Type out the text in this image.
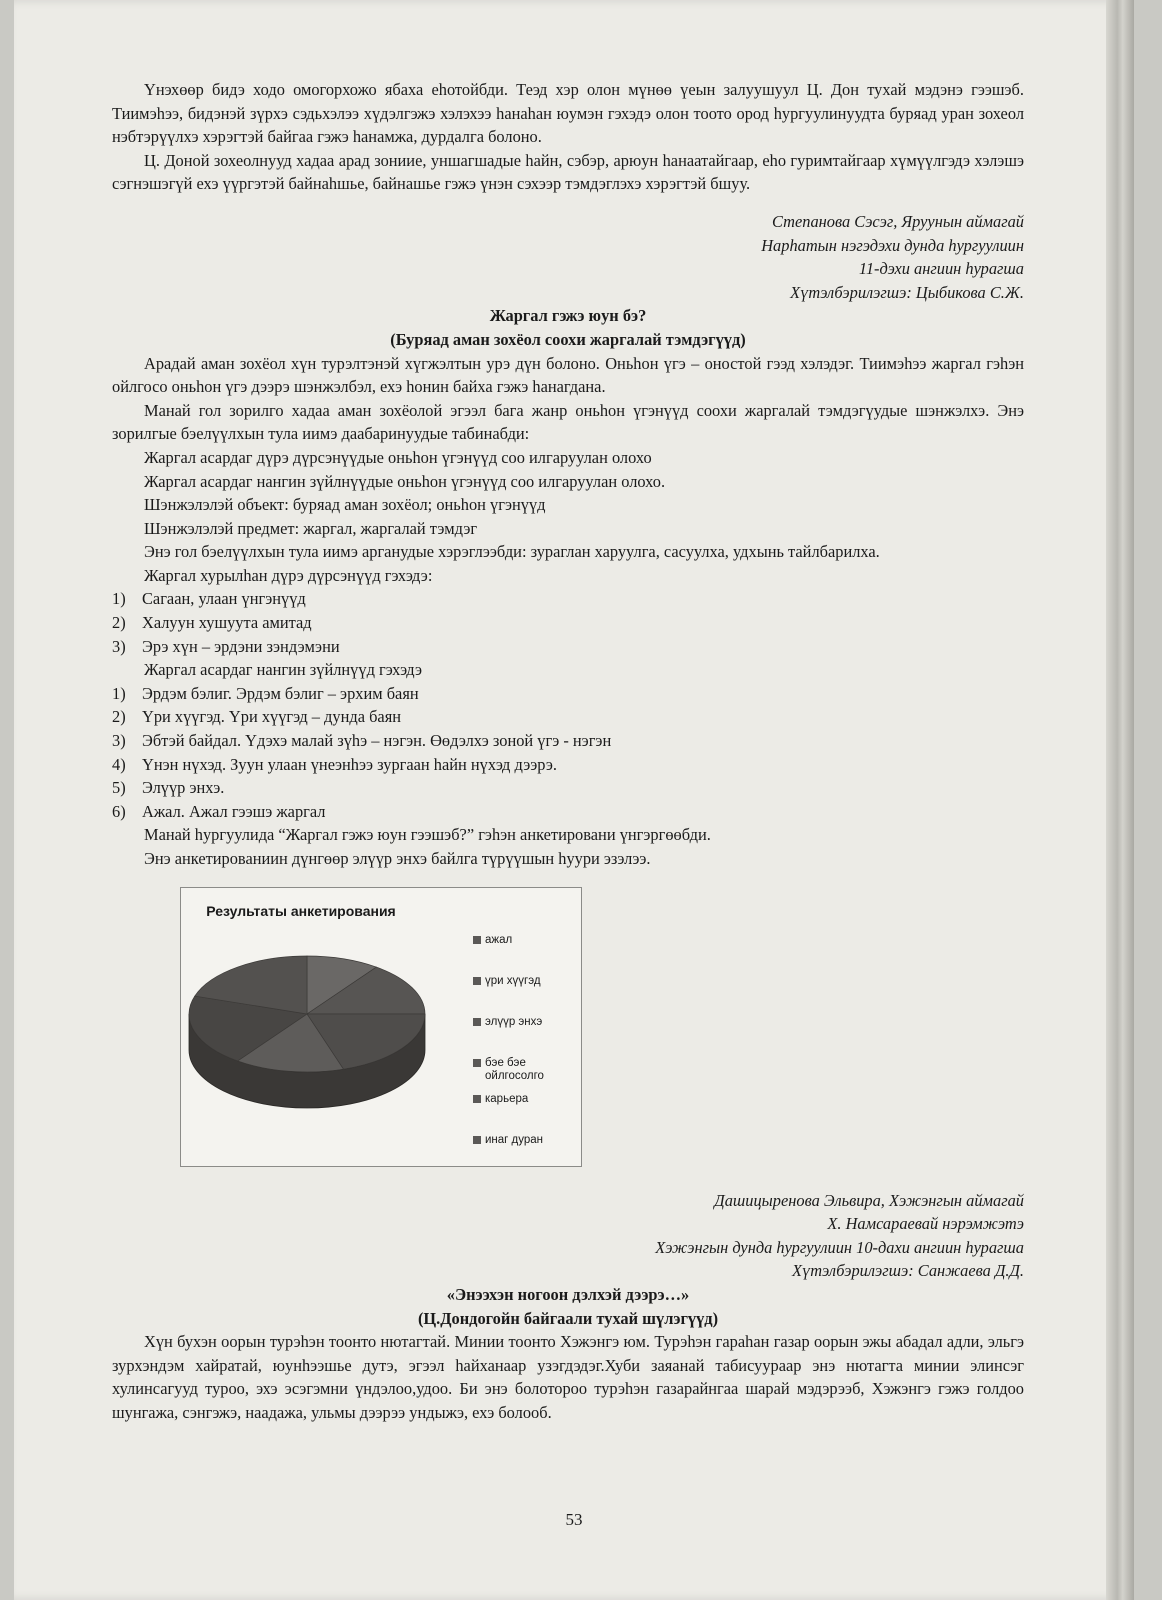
Үнэхөөр бидэ ходо омогорхожо ябаха еhотойбди. Теэд хэр олон мүнөө үеын залуушуул Ц. Дон тухай мэдэнэ гээшэб. Тиимэhээ, бидэнэй зүрхэ сэдьхэлээ хүдэлгэжэ хэлэхээ hанаhан юумэн гэхэдэ олон тоото ород hургуулинуудта буряад уран зохеол нэбтэрүүлхэ хэрэгтэй байгаа гэжэ hанамжа, дурдалга болоно.

Ц. Доной зохеолнууд хадаа арад зониие, уншагшадые hайн, сэбэр, арюун hанаатайгаар, еhо гуримтайгаар хүмүүлгэдэ хэлэшэ сэгнэшэгүй ехэ үүргэтэй байнаhшье, байнашье гэжэ үнэн сэхээр тэмдэглэхэ хэрэгтэй бшуу.

Степанова Сэсэг, Яруунын аймагай

Нарhатын нэгэдэхи дунда hургуулиин

11-дэхи ангиин hурагша

Хүтэлбэрилэгшэ: Цыбикова С.Ж.

Жаргал гэжэ юун бэ?

(Буряад аман зохёол соохи жаргалай тэмдэгүүд)

Арадай аман зохёол хүн турэлтэнэй хүгжэлтын урэ дүн болоно. Оньhон үгэ – оностой гээд хэлэдэг. Тиимэhээ жаргал гэhэн ойлгосо оньhон үгэ дээрэ шэнжэлбэл, ехэ hонин байха гэжэ hанагдана.

Манай гол зорилго хадаа аман зохёолой эгээл бага жанр оньhон үгэнүүд соохи жаргалай тэмдэгүудые шэнжэлхэ. Энэ зорилгые бэелүүлхын тула иимэ даабаринуудые табинабди:

Жаргал асардаг дүрэ дүрсэнүүдые оньhон үгэнүүд соо илгаруулан олохо

Жаргал асардаг нангин зүйлнүүдые оньhон үгэнүүд соо илгаруулан олохо.

Шэнжэлэлэй объект: буряад аман зохёол; оньhон үгэнүүд

Шэнжэлэлэй предмет: жаргал, жаргалай тэмдэг

Энэ гол бэелүүлхын тула иимэ арганудые хэрэглээбди: зураглан харуулга, сасуулха, удхынь тайлбарилха.

Жаргал хурылhан дүрэ дүрсэнүүд гэхэдэ:

1) Сагаан, улаан үнгэнүүд
2) Халуун хушуута амитад
3) Эрэ хүн – эрдэни зэндэмэни

Жаргал асардаг нангин зүйлнүүд гэхэдэ

1) Эрдэм бэлиг. Эрдэм бэлиг – эрхим баян
2) Үри хүүгэд. Үри хүүгэд – дунда баян
3) Эбтэй байдал. Үдэхэ малай зүhэ – нэгэн. Өөдэлхэ зоной үгэ - нэгэн
4) Үнэн нүхэд. Зуун улаан үнеэнhээ зургаан hайн нүхэд дээрэ.
5) Элүүр энхэ.
6) Ажал. Ажал гээшэ жаргал

Манай hургуулида “Жаргал гэжэ юун гээшэб?” гэhэн анкетировани үнгэргөөбди.

Энэ анкетированиин дүнгөөр элүүр энхэ байлга түрүүшын hуури эзэлээ.

Результаты анкетирования
ажал
үри хүүгэд
элүүр энхэ
бэе бэе ойлгосолго
карьера
инаг дуран

Дашицыренова Эльвира, Хэжэнгын аймагай

Х. Намсараевай нэрэмжэтэ

Хэжэнгын дунда hургуулиин 10-дахи ангиин hурагша

Хүтэлбэрилэгшэ: Санжаева Д.Д.

«Энээхэн ногоон дэлхэй дээрэ…»

(Ц.Дондогойн байгаали тухай шүлэгүүд)

Хүн бухэн оорын турэhэн тоонто нютагтай. Минии тоонто Хэжэнгэ юм. Турэhэн гараhан газар оорын эжы абадал адли, эльгэ зурхэндэм хайратай, юунhээшье дутэ, эгээл hайханаар узэгдэдэг.Хуби заяанай табисуураар энэ нютагта минии элинсэг хулинсагууд туроо, эхэ эсэгэмни үндэлоо,удоо. Би энэ болотороо турэhэн газарайнгаа шарай мэдэрээб, Хэжэнгэ гэжэ голдоо шунгажа, сэнгэжэ, наадажа, ульмы дээрээ ундыжэ, ехэ болооб.

53
